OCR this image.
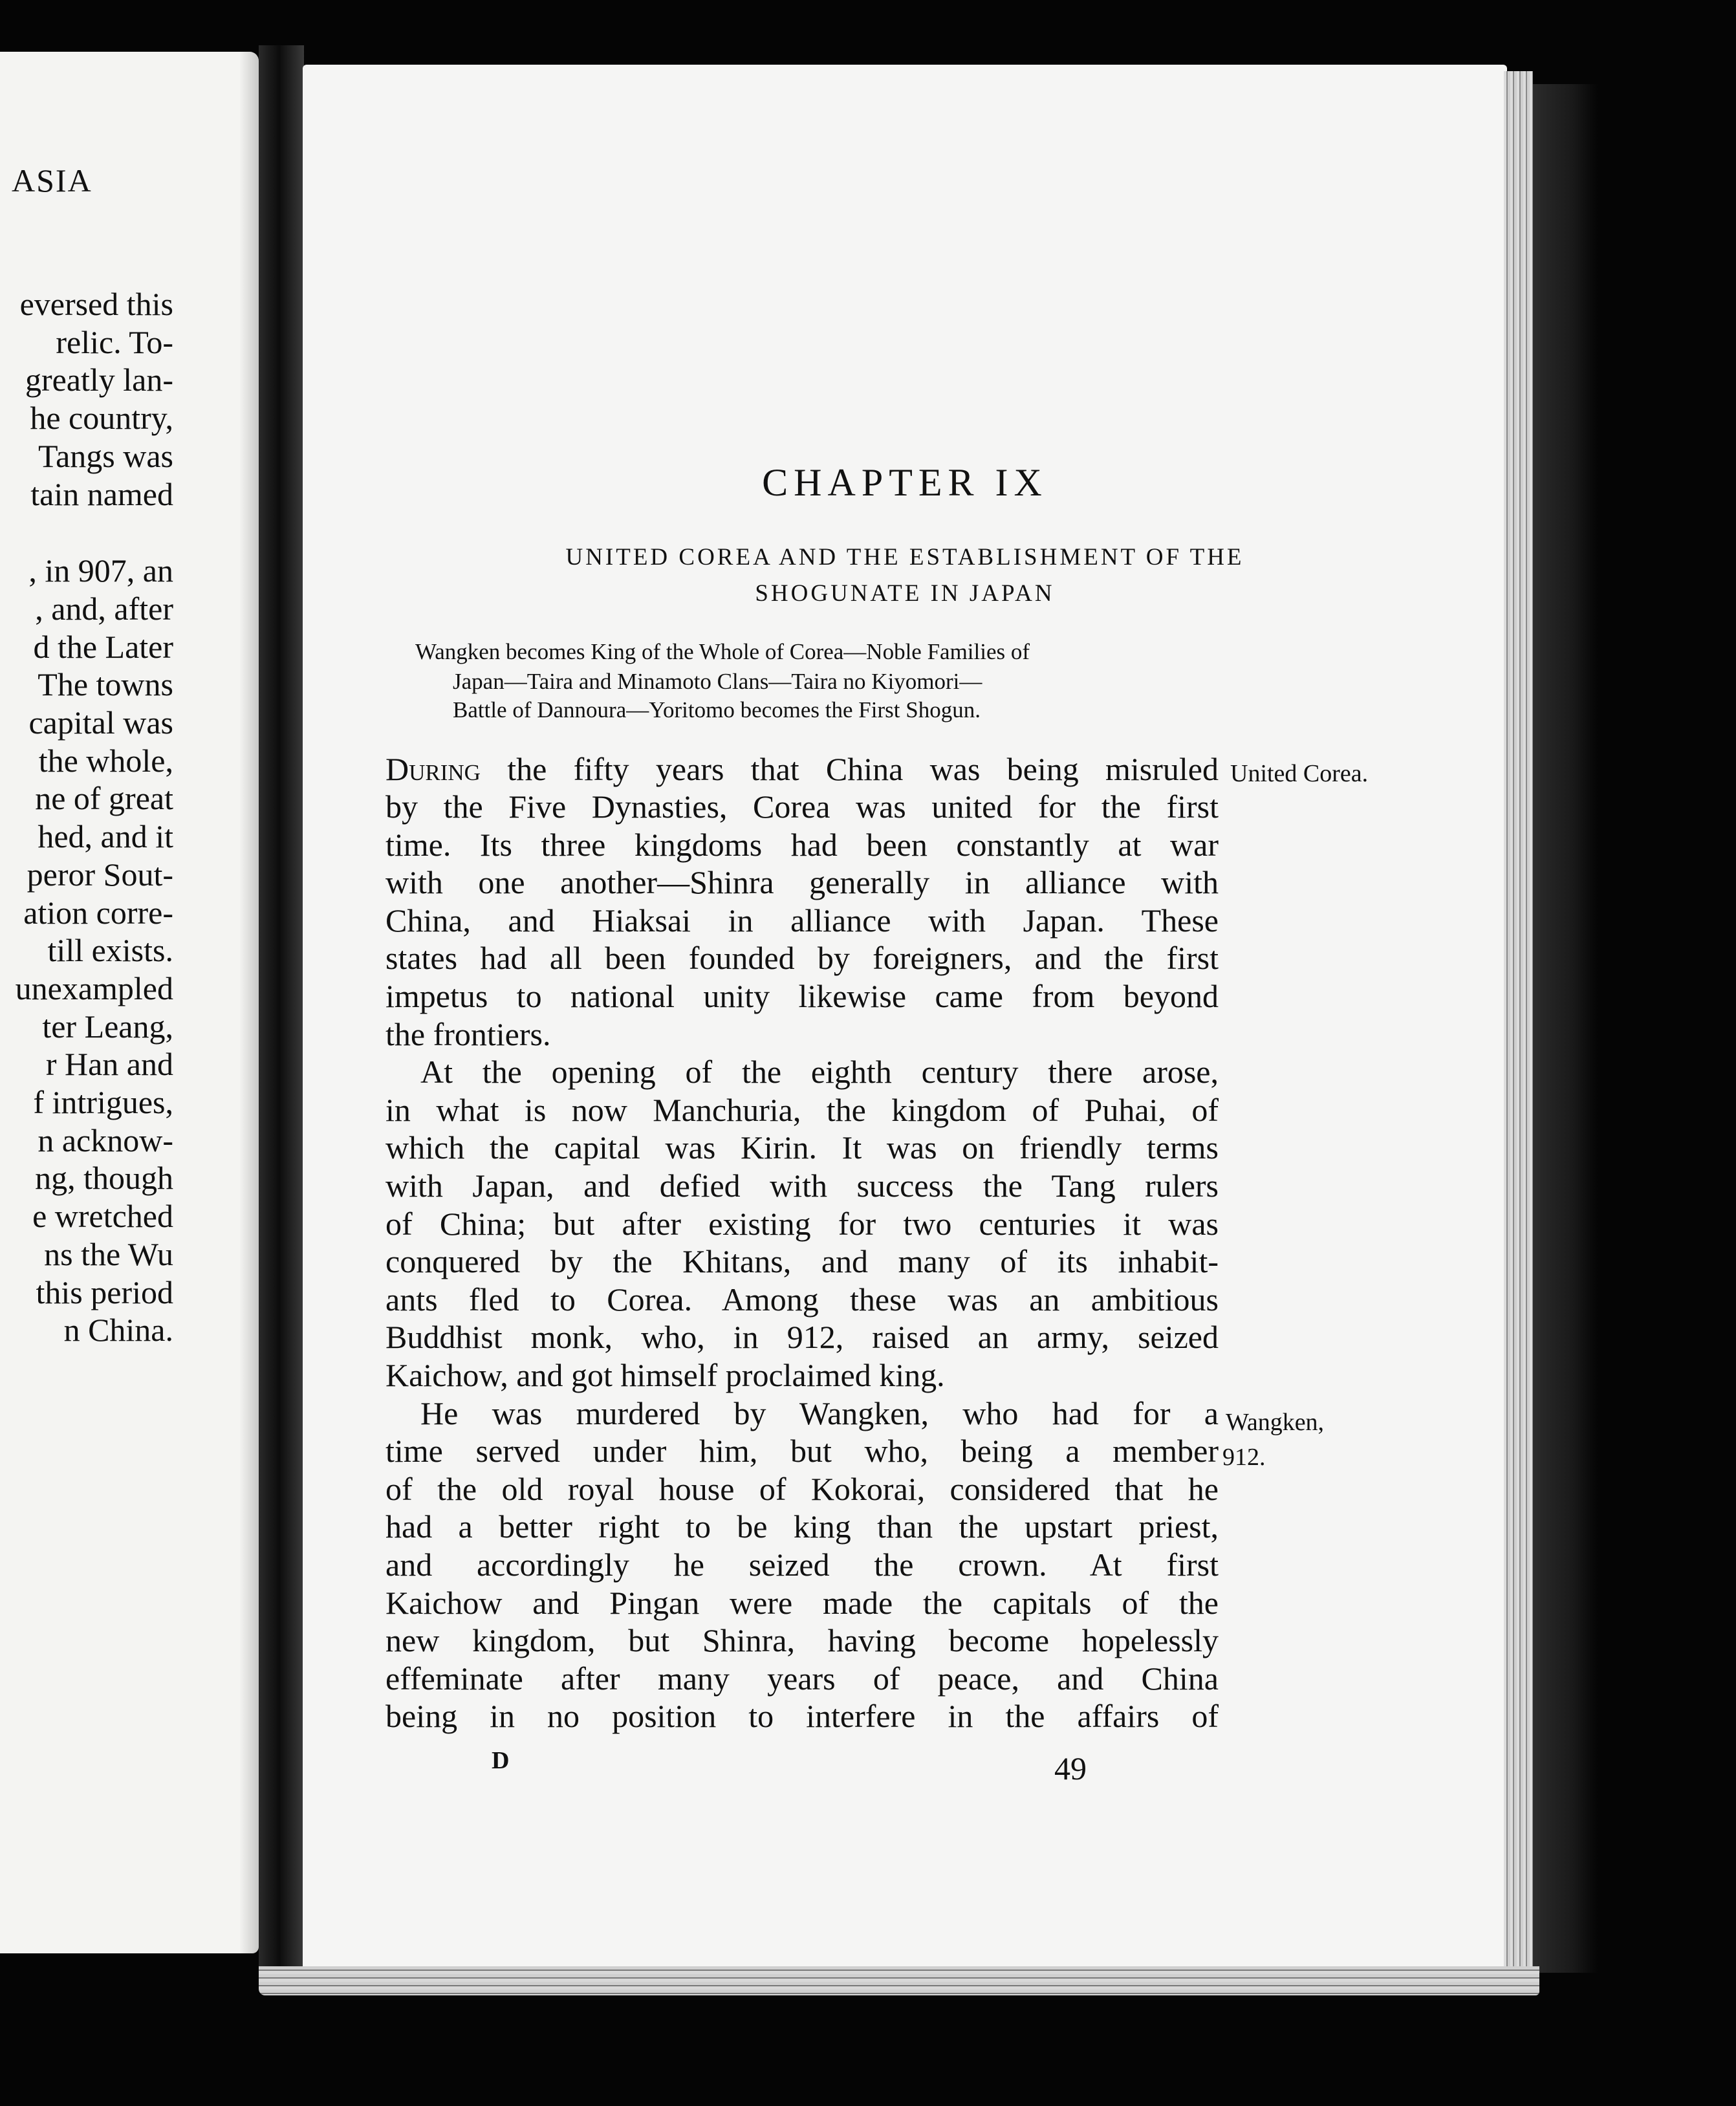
ASIA
eversed this
relic. To-
greatly lan-
he country,
Tangs was
tain named
, in 907, an
, and, after
d the Later
The towns
capital was
the whole,
ne of great
hed, and it
peror Sout-
ation corre-
till exists.
unexampled
ter Leang,
r Han and
f intrigues,
n acknow-
ng, though
e wretched
ns the Wu
this period
n China.
CHAPTER IX
UNITED COREA AND THE ESTABLISHMENT OF THE
SHOGUNATE IN JAPAN
Wangken becomes King of the Whole of Corea—Noble Families of
Japan—Taira and Minamoto Clans—Taira no Kiyomori—
Battle of Dannoura—Yoritomo becomes the First Shogun.
During the fifty years that China was being misruled
by the Five Dynasties, Corea was united for the first
time. Its three kingdoms had been constantly at war
with one another—Shinra generally in alliance with
China, and Hiaksai in alliance with Japan. These
states had all been founded by foreigners, and the first
impetus to national unity likewise came from beyond
the frontiers.
At the opening of the eighth century there arose,
in what is now Manchuria, the kingdom of Puhai, of
which the capital was Kirin. It was on friendly terms
with Japan, and defied with success the Tang rulers
of China; but after existing for two centuries it was
conquered by the Khitans, and many of its inhabit-
ants fled to Corea. Among these was an ambitious
Buddhist monk, who, in 912, raised an army, seized
Kaichow, and got himself proclaimed king.
He was murdered by Wangken, who had for a
time served under him, but who, being a member
of the old royal house of Kokorai, considered that he
had a better right to be king than the upstart priest,
and accordingly he seized the crown. At first
Kaichow and Pingan were made the capitals of the
new kingdom, but Shinra, having become hopelessly
effeminate after many years of peace, and China
being in no position to interfere in the affairs of
United Corea.
Wangken,
912.
D	49
